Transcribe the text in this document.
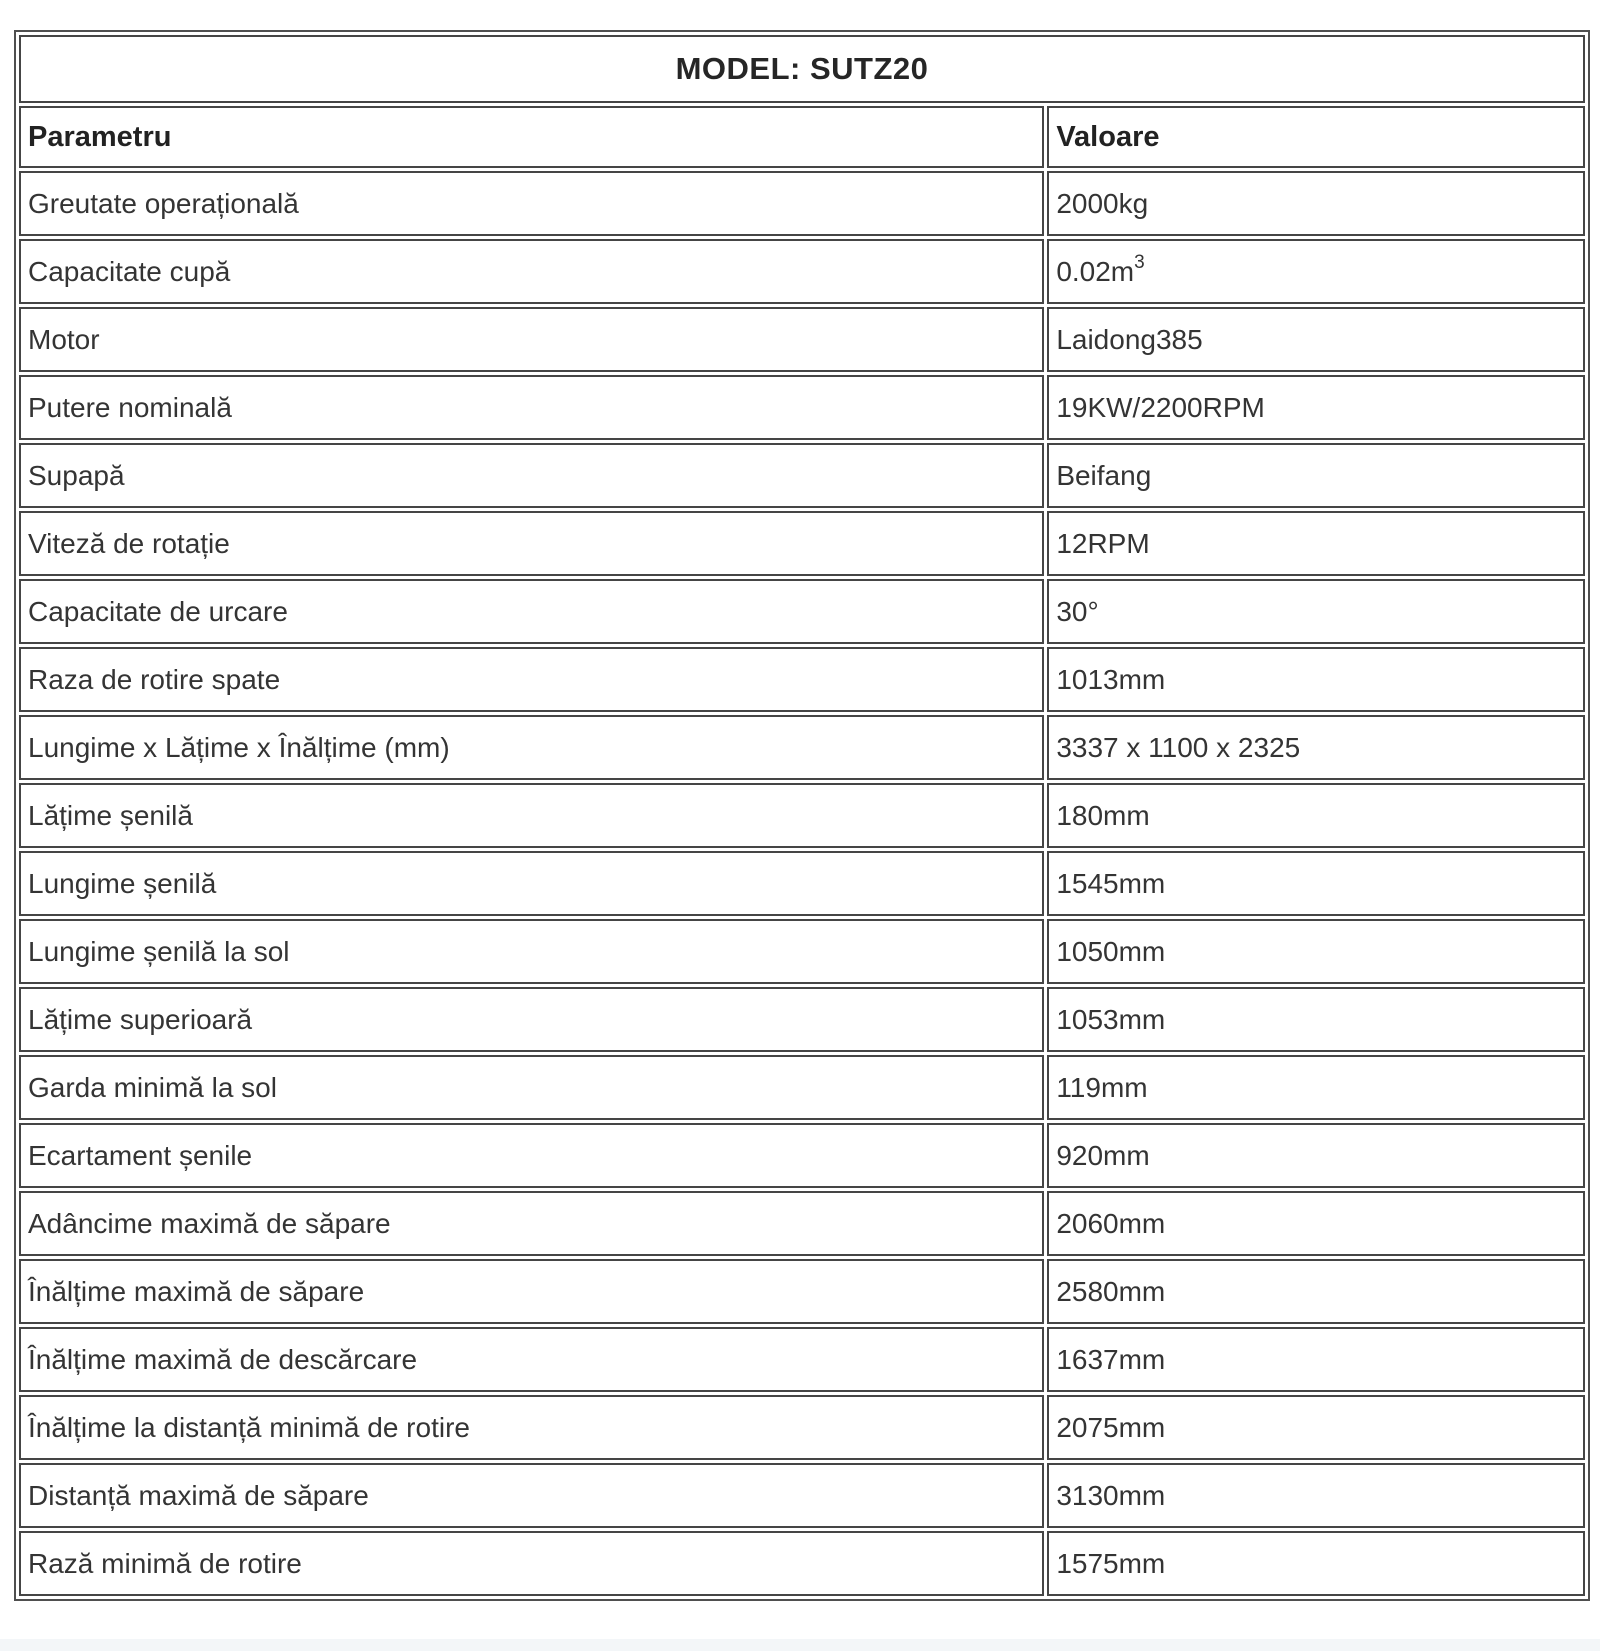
MODEL: SUTZ20	
Parametru	Valoare
Greutate operațională	2000kg
Capacitate cupă	$0.02m^3$
Motor	Laidong385
Putere nominală	19KW/2200RPM
Supapă	Beifang
Viteză de rotație	12RPM
Capacitate de urcare	30°
Raza de rotire spate	1013mm
Lungime x Lățime x Înălțime (mm)	3337 x 1100 x 2325
Lățime șenilă	180mm
Lungime șenilă	1545mm
Lungime șenilă la sol	1050mm
Lățime superioară	1053mm
Garda minimă la sol	119mm
Ecartament șenile	920mm
Adâncime maximă de săpare	2060mm
Înălțime maximă de săpare	2580mm
Înălțime maximă de descărcare	1637mm
Înălțime la distanță minimă de rotire	2075mm
Distanță maximă de săpare	3130mm
Rază minimă de rotire	1575mm
